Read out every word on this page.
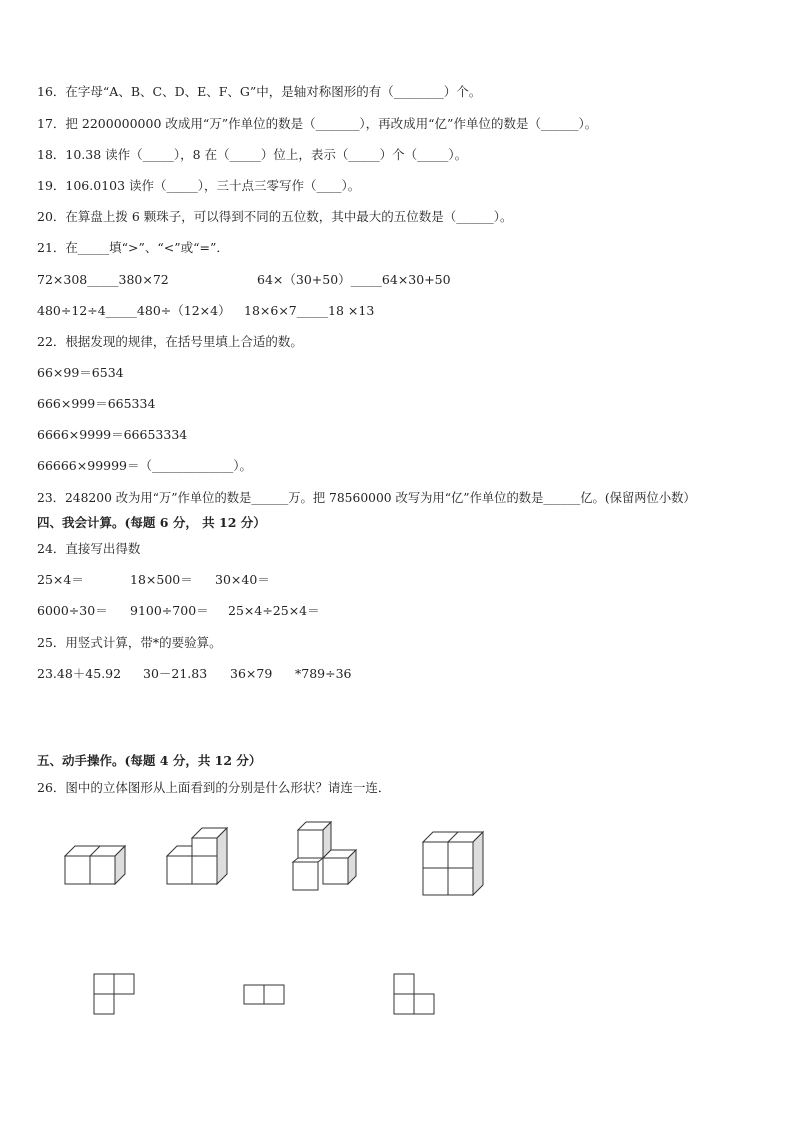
16．在字母“A、B、C、D、E、F、G”中，是轴对称图形的有（________）个。
17．把 2200000000 改成用“万”作单位的数是（_______），再改成用“亿”作单位的数是（______）。
18．10.38 读作（_____），8 在（_____）位上，表示（_____）个（_____）。
19．106.0103 读作（_____），三十点三零写作（____）。
20．在算盘上拨 6 颗珠子，可以得到不同的五位数，其中最大的五位数是（______）。
21．在_____填“>”、“<”或“=”．
72×308_____380×72	64×（30+50）_____64×30+50
480÷12÷4_____480÷（12×4） 18×6×7_____18 ×13
22．根据发现的规律，在括号里填上合适的数。
66×99＝6534
666×999＝665334
6666×9999＝66653334
66666×99999＝（_____________）。
23．248200 改为用“万”作单位的数是______万。把 78560000 改写为用“亿”作单位的数是______亿。(保留两位小数）
四、我会计算。(每题 6 分， 共 12 分）
24．直接写出得数
25×4＝	18×500＝ 30×40＝
6000÷30＝ 9100÷700＝ 25×4÷25×4＝
25．用竖式计算，带*的要验算。
23.48＋45.92 30－21.83 36×79 *789÷36
五、动手操作。(每题 4 分，共 12 分）
26．图中的立体图形从上面看到的分别是什么形状？请连一连．
